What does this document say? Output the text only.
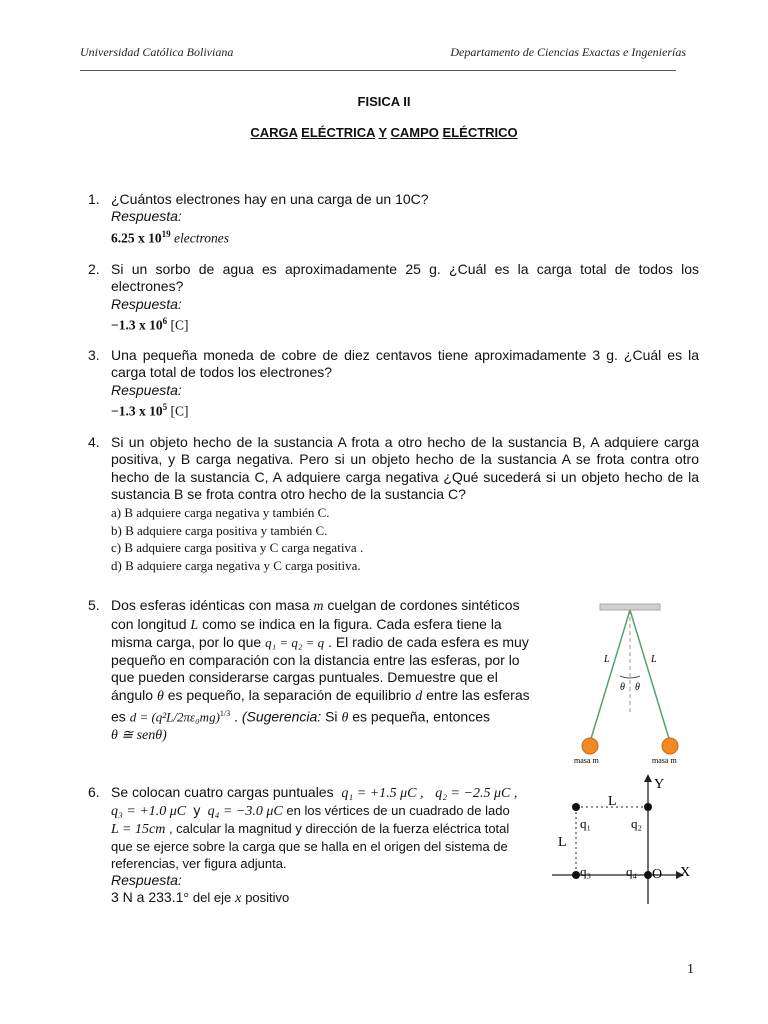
Universidad Católica Boliviana	Departamento de Ciencias Exactas e Ingenierías
FISICA II
CARGA ELÉCTRICA Y CAMPO ELÉCTRICO
1. ¿Cuántos electrones hay en una carga de un 10C?
Respuesta:
6.25 x $10^{19}$ electrones
2. Si un sorbo de agua es aproximadamente 25 g. ¿Cuál es la carga total de todos los electrones?
Respuesta:
−1.3 x $10^6$ [C]
3. Una pequeña moneda de cobre de diez centavos tiene aproximadamente 3 g. ¿Cuál es la carga total de todos los electrones?
Respuesta:
−1.3 x $10^5$ [C]
4. Si un objeto hecho de la sustancia A frota a otro hecho de la sustancia B, A adquiere carga positiva, y B carga negativa. Pero si un objeto hecho de la sustancia A se frota contra otro hecho de la sustancia C, A adquiere carga negativa ¿Qué sucederá si un objeto hecho de la sustancia B se frota contra otro hecho de la sustancia C?
a) B adquiere carga negativa y también C.
b) B adquiere carga positiva y también C.
c) B adquiere carga positiva y C carga negativa .
d) B adquiere carga negativa y C carga positiva.
5. Dos esferas idénticas con masa m cuelgan de cordones sintéticos
con longitud L como se indica en la figura. Cada esfera tiene la
misma carga, por lo que q₁ = q₂ = q . El radio de cada esfera es muy
pequeño en comparación con la distancia entre las esferas, por lo
que pueden considerarse cargas puntuales. Demuestre que el
ángulo θ es pequeño, la separación de equilibrio d entre las esferas
es $d = (q^2L/2\pi\varepsilon_0mg)^{1/3}$ . (Sugerencia: Si θ es pequeña, entonces
θ ≅ senθ)
L	L
θ θ
masa m	masa m
6. Se colocan cuatro cargas puntuales q₁ = +1.5 μC , q₂ = −2.5 μC ,
q₃ = +1.0 μC y q₄ = −3.0 μC en los vértices de un cuadrado de lado
L = 15cm , calcular la magnitud y dirección de la fuerza eléctrica total
que se ejerce sobre la carga que se halla en el origen del sistema de
referencias, ver figura adjunta.
Respuesta:
3 N a 233.1° del eje x positivo
Y
X
O
L
L
q₁	q₂
q₃	q₄
1
